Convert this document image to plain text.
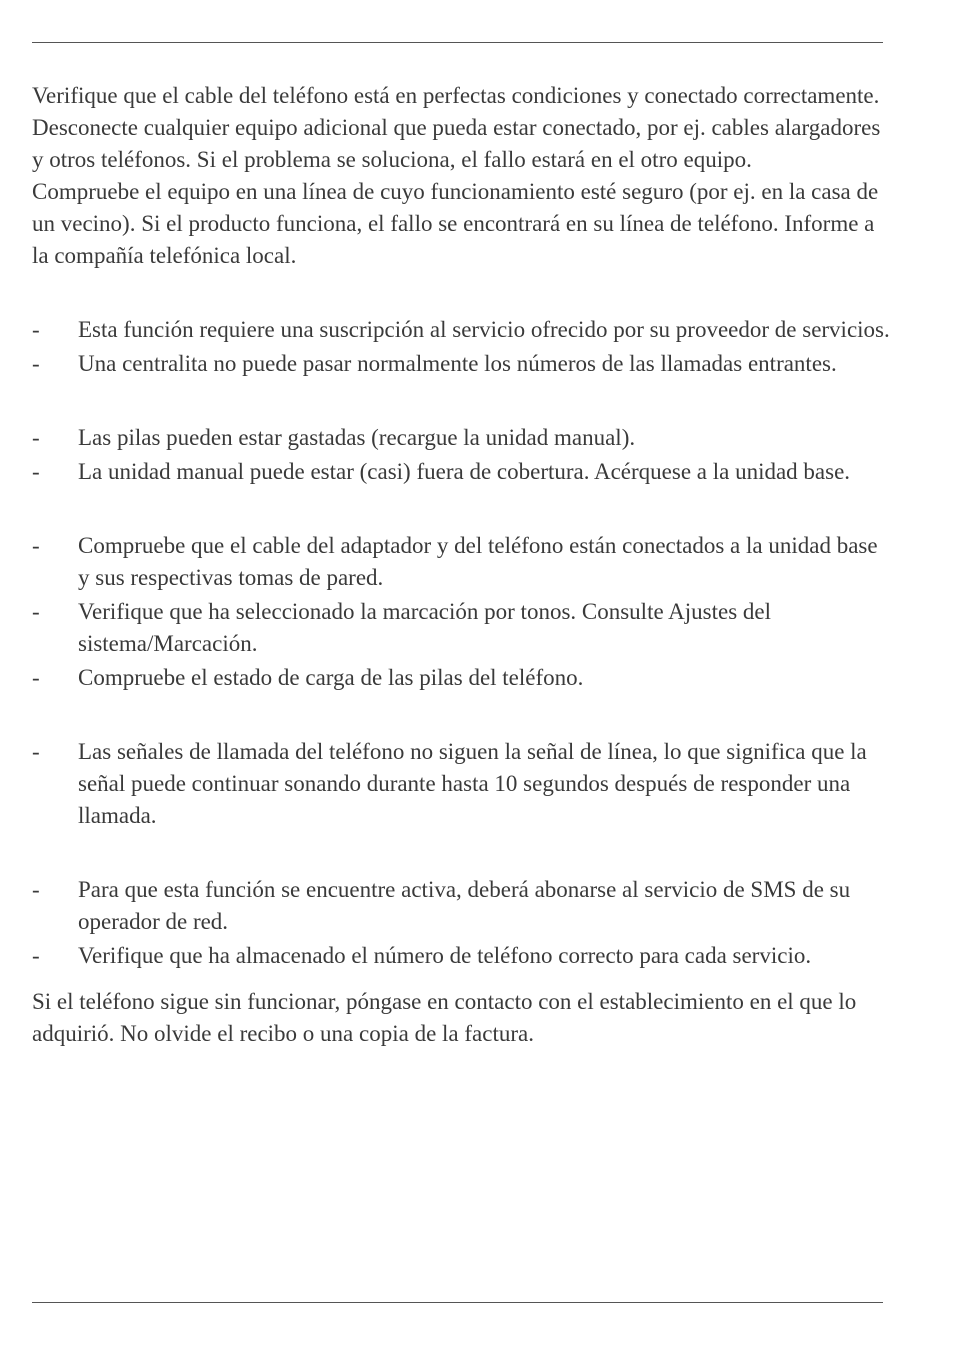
Verifique que el cable del teléfono está en perfectas condiciones y conectado correctamente. Desconecte cualquier equipo adicional que pueda estar conectado, por ej. cables alargadores y otros teléfonos. Si el problema se soluciona, el fallo estará en el otro equipo.

Compruebe el equipo en una línea de cuyo funcionamiento esté seguro (por ej. en la casa de un vecino). Si el producto funciona, el fallo se encontrará en su línea de teléfono. Informe a la compañía telefónica local.

-	Esta función requiere una suscripción al servicio ofrecido por su proveedor de servicios.
-	Una centralita no puede pasar normalmente los números de las llamadas entrantes.
-	Las pilas pueden estar gastadas (recargue la unidad manual).
-	La unidad manual puede estar (casi) fuera de cobertura. Acérquese a la unidad base.
-	Compruebe que el cable del adaptador y del teléfono están conectados a la unidad base y sus respectivas tomas de pared.
-	Verifique que ha seleccionado la marcación por tonos. Consulte Ajustes del sistema/Marcación.
-	Compruebe el estado de carga de las pilas del teléfono.
-	Las señales de llamada del teléfono no siguen la señal de línea, lo que significa que la señal puede continuar sonando durante hasta 10 segundos después de responder una llamada.
-	Para que esta función se encuentre activa, deberá abonarse al servicio de SMS de su operador de red.
-	Verifique que ha almacenado el número de teléfono correcto para cada servicio.

Si el teléfono sigue sin funcionar, póngase en contacto con el establecimiento en el que lo adquirió. No olvide el recibo o una copia de la factura.
